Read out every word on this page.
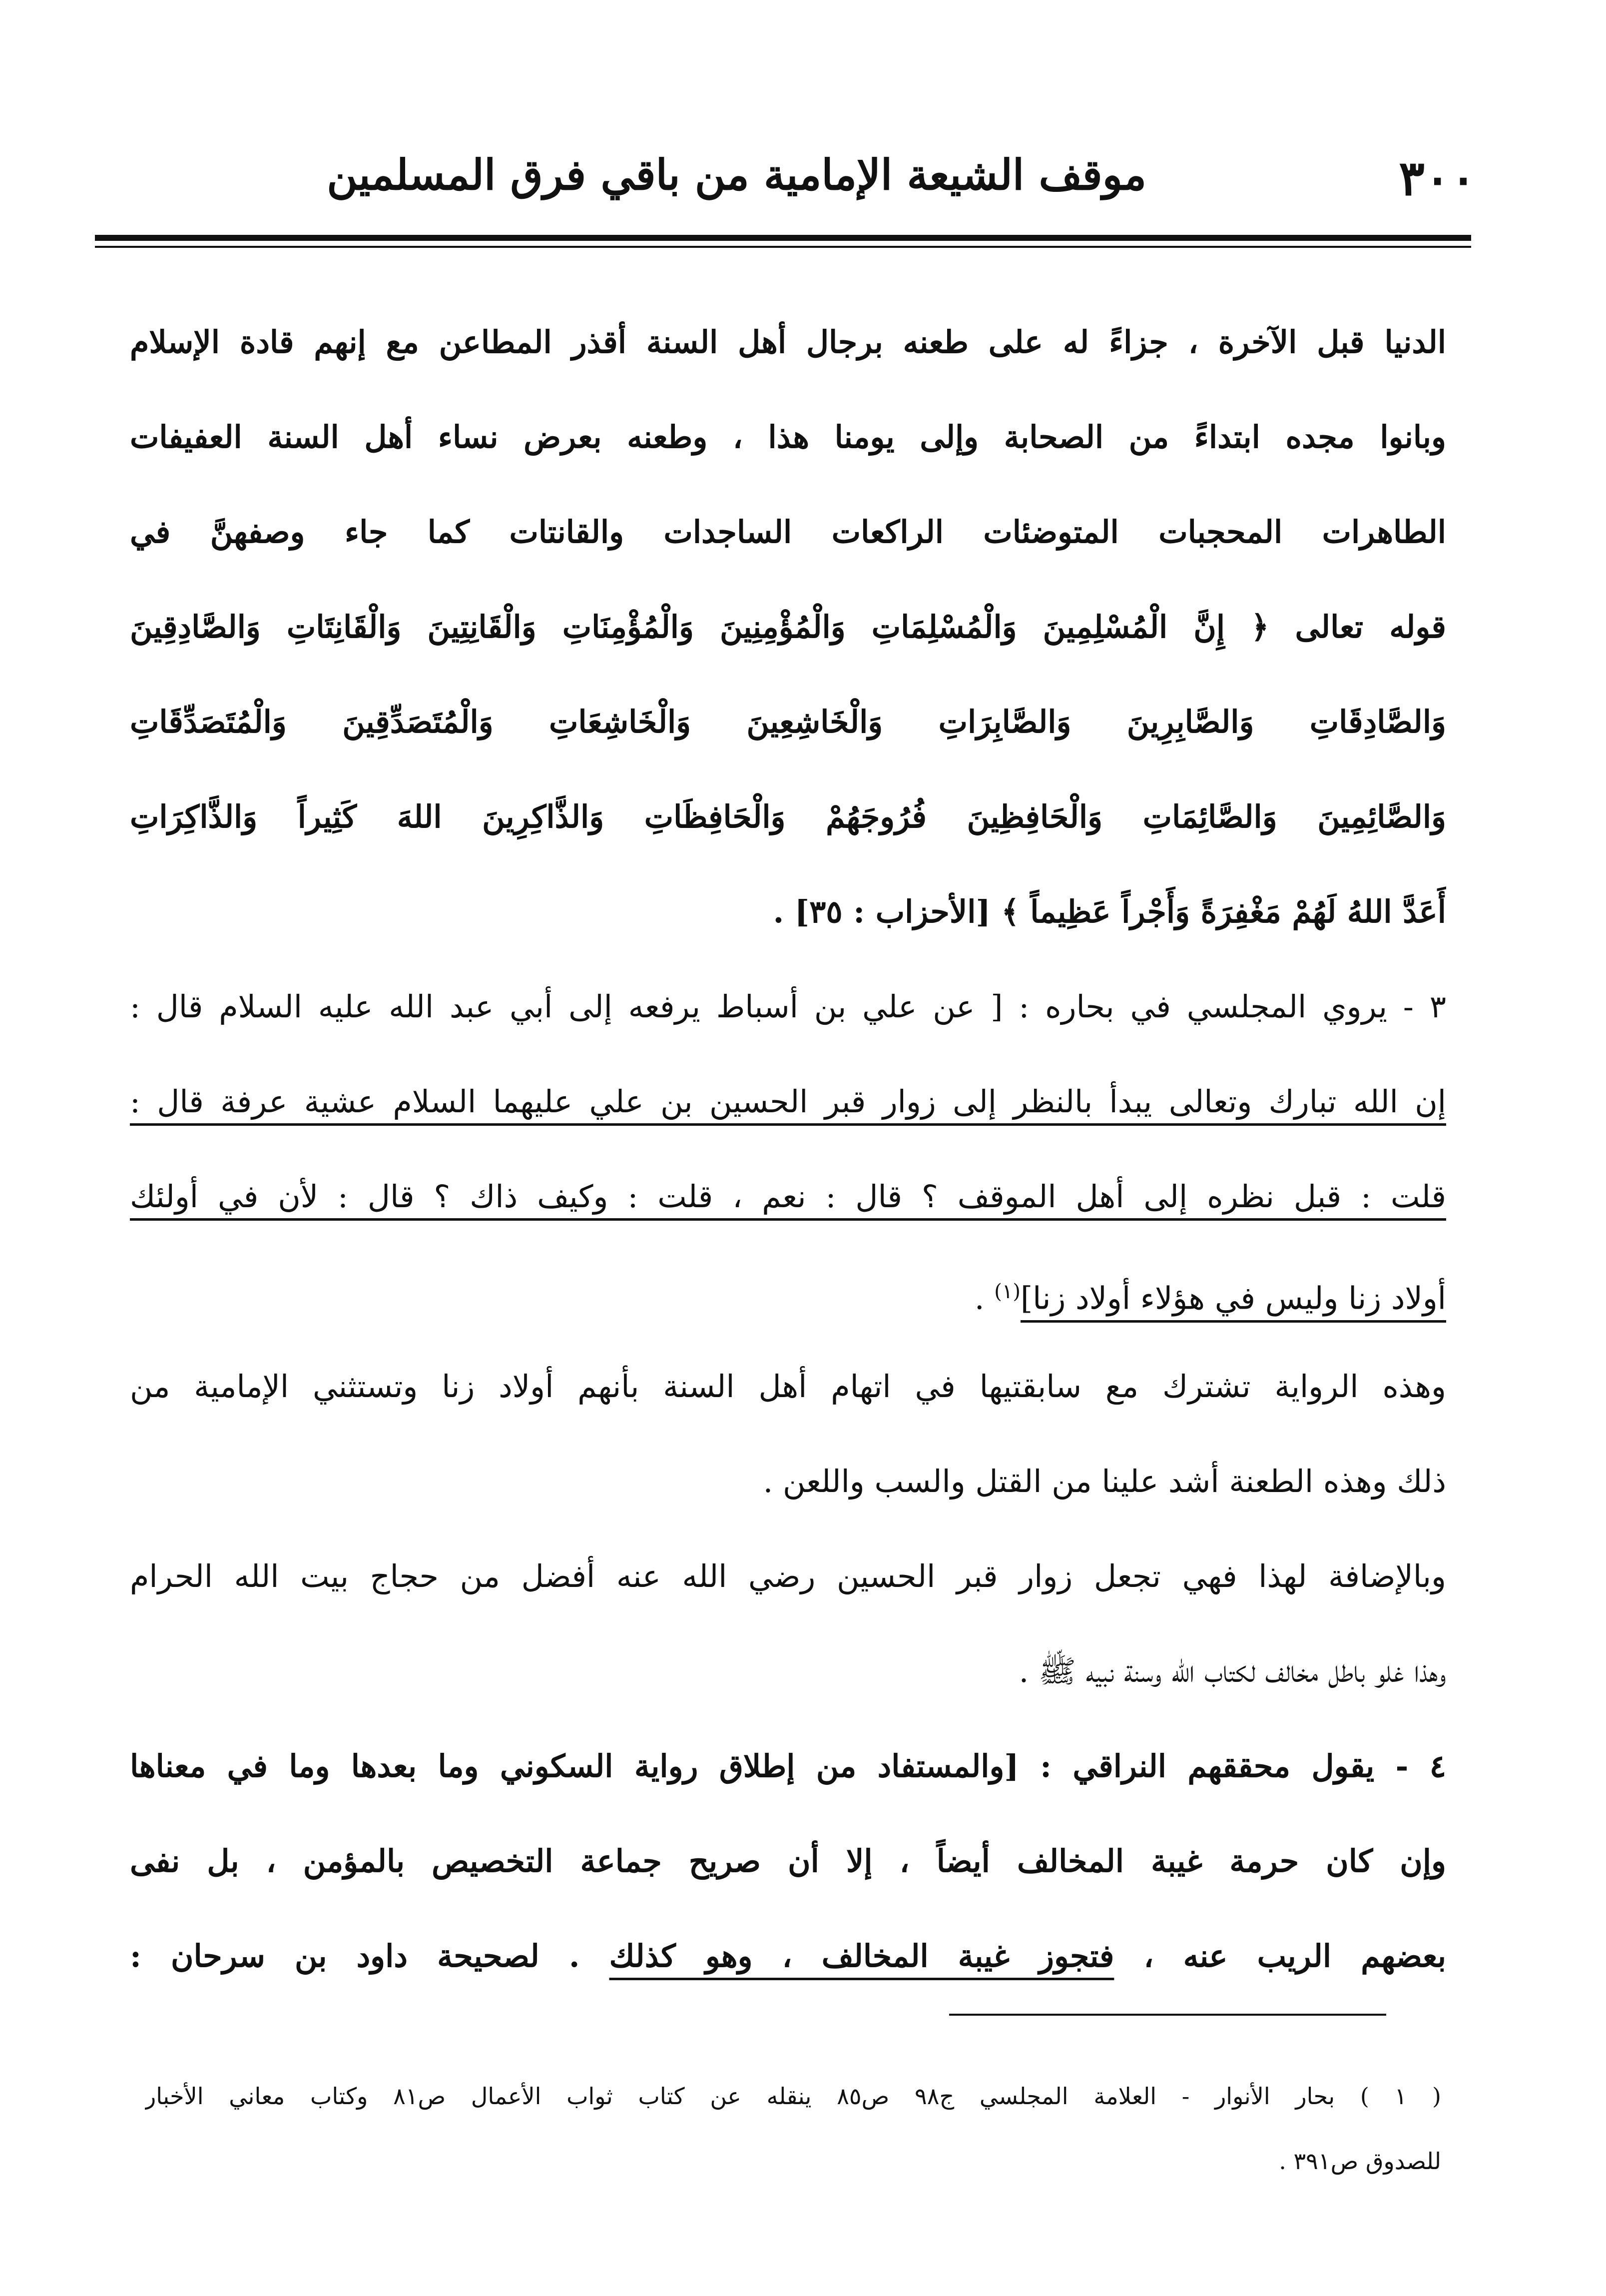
٣٠٠
موقف الشيعة الإمامية من باقي فرق المسلمين
الدنيا قبل الآخرة ، جزاءً له على طعنه برجال أهل السنة أقذر المطاعن مع إنهم قادة الإسلام
وبانوا مجده ابتداءً من الصحابة وإلى يومنا هذا ، وطعنه بعرض نساء أهل السنة العفيفات
الطاهرات المحجبات المتوضئات الراكعات الساجدات والقانتات كما جاء وصفهنَّ في
قوله تعالى ﴿ إِنَّ الْمُسْلِمِينَ وَالْمُسْلِمَاتِ وَالْمُؤْمِنِينَ وَالْمُؤْمِنَاتِ وَالْقَانِتِينَ وَالْقَانِتَاتِ وَالصَّادِقِينَ
وَالصَّادِقَاتِ وَالصَّابِرِينَ وَالصَّابِرَاتِ وَالْخَاشِعِينَ وَالْخَاشِعَاتِ وَالْمُتَصَدِّقِينَ وَالْمُتَصَدِّقَاتِ
وَالصَّائِمِينَ وَالصَّائِمَاتِ وَالْحَافِظِينَ فُرُوجَهُمْ وَالْحَافِظَاتِ وَالذَّاكِرِينَ اللهَ كَثِيراً وَالذَّاكِرَاتِ
أَعَدَّ اللهُ لَهُمْ مَغْفِرَةً وَأَجْراً عَظِيماً ﴾ [الأحزاب : ٣٥] .
٣ - يروي المجلسي في بحاره : [ عن علي بن أسباط يرفعه إلى أبي عبد الله عليه السلام قال :
إن الله تبارك وتعالى يبدأ بالنظر إلى زوار قبر الحسين بن علي عليهما السلام عشية عرفة قال :
قلت : قبل نظره إلى أهل الموقف ؟ قال : نعم ، قلت : وكيف ذاك ؟ قال : لأن في أولئك
أولاد زنا وليس في هؤلاء أولاد زنا]$^{(١)}$ .
وهذه الرواية تشترك مع سابقتيها في اتهام أهل السنة بأنهم أولاد زنا وتستثني الإمامية من
ذلك وهذه الطعنة أشد علينا من القتل والسب واللعن .
وبالإضافة لهذا فهي تجعل زوار قبر الحسين رضي الله عنه أفضل من حجاج بيت الله الحرام
وهذا غلو باطل مخالف لكتاب الله وسنة نبيه ﷺ .
٤ - يقول محققهم النراقي : [والمستفاد من إطلاق رواية السكوني وما بعدها وما في معناها
وإن كان حرمة غيبة المخالف أيضاً ، إلا أن صريح جماعة التخصيص بالمؤمن ، بل نفى
بعضهم الريب عنه ، فتجوز غيبة المخالف ، وهو كذلك . لصحيحة داود بن سرحان :
( ١ ) بحار الأنوار - العلامة المجلسي ج٩٨ ص٨٥ ينقله عن كتاب ثواب الأعمال ص٨١ وكتاب معاني الأخبار
للصدوق ص٣٩١ .
